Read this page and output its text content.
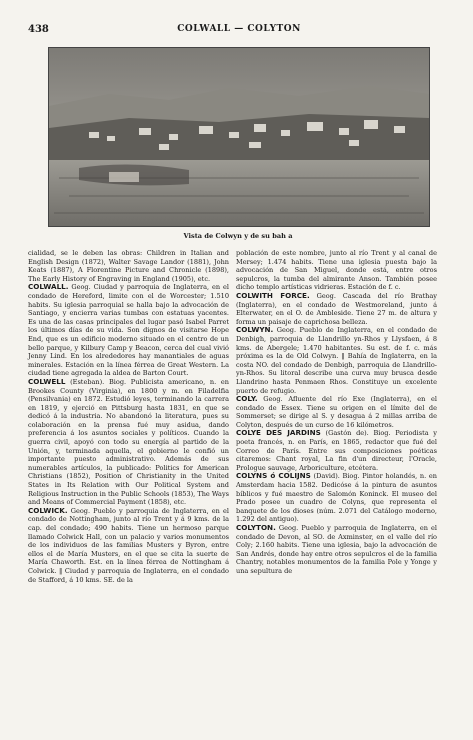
438	COLWALL — COLYTON
Vista de Colwyn y de su bah a

cialidad, se le deben las obras: Children in Italian and English Design (1872), Walter Savage Landor (1881), John Keats (1887), A Florentine Picture and Chronicle (1898), The Early History of Engraving in England (1905), etc.

COLWALL. Geog. Ciudad y parroquia de Inglaterra, en el condado de Hereford, limite con el de Worcester; 1.510 habits. Su iglesia parroquial se halla bajo la advocación de Santiago, y encierra varias tumbas con estatuas yacentes. Es una de las casas principales del lugar pasó Isabel Parret los últimos días de su vida. Son dignos de visitarse Hope End, que es un edificio moderno situado en el centro de un bello parque, y Kilbury Camp y Beacon, cerca del cual vivió Jenny Lind. En los alrededores hay manantiales de aguas minerales. Estación en la línea férrea de Great Western. La ciudad tiene agregada la aldea de Barton Court.

COLWELL (Esteban). Biog. Publicista americano, n. en Brookes County (Virginia), en 1800 y m. en Filadelfia (Pensilvania) en 1872. Estudió leyes, terminando la carrera en 1819, y ejerció en Pittsburg hasta 1831, en que se dedicó á la industria. No abandonó la literatura, pues su colaboración en la prensa fué muy asidua, dando preferencia á los asuntos sociales y políticos. Cuando la guerra civil, apoyó con todo su energía al partido de la Unión, y, terminada aquella, el gobierno le confió un importante puesto administrativo. Además de sus numerables artículos, la publicado: Politics for American Christians (1852), Position of Christianity in the United States in Its Relation with Our Political System and Religious Instruction in the Public Schools (1853), The Ways and Means of Commercial Payment (1858), etc.

COLWICK. Geog. Pueblo y parroquia de Inglaterra, en el condado de Nottingham, junto al río Trent y á 9 kms. de la cap. del condado; 490 habits. Tiene un hermoso parque llamado Colwick Hall, con un palacio y varios monumentos de los individuos de las familias Musters y Byron, entre ellos el de María Musters, en el que se cita la suerte de María Chaworth. Est. en la línea férrea de Nottingham á Colwick. ‖ Ciudad y parroquia de Inglaterra, en el condado de Stafford, á 10 kms. SE. de la

población de este nombre, junto al río Trent y al canal de Mersey; 1.474 habits. Tiene una iglesia puesta bajo la advocación de San Miguel, donde está, entre otros sepulcros, la tumba del almirante Anson. También posee dicho templo artísticas vidrieras. Estación de f. c.

COLWITH FORCE. Geog. Cascada del río Brathay (Inglaterra), en el condado de Westmoreland, junto á Elterwater, en el O. de Ambleside. Tiene 27 m. de altura y forma un paisaje de caprichosa belleza.

COLWYN. Geog. Pueblo de Inglaterra, en el condado de Denbigh, parroquia de Llandrillo yn-Rhos y Llysfaen, á 8 kms. de Abergele; 1.470 habitantes. Su est. de f. c. más próxima es la de Old Colwyn. ‖ Bahía de Inglaterra, en la costa NO. del condado de Denbigh, parroquia de Llandrillo-yn-Rhos. Su litoral describe una curva muy brusca desde Llandrino hasta Penmaen Rhos. Constituye un excelente puerto de refugio.

COLY. Geog. Afluente del río Exe (Inglaterra), en el condado de Essex. Tiene su origen en el límite del de Sommerset; se dirige al S. y desagua á 2 millas arriba de Colyton, después de un curso de 16 kilómetros.

COLYE DES JARDINS (Gastón de). Biog. Periodista y poeta francés, n. en París, en 1865, redactor que fué del Correo de París. Entre sus composiciones poéticas citaremos: Chant royal, La fin d'un directeur, l'Oracle, Prologue sauvage, Arboriculture, etcétera.

COLYNS ó COLIJNS (David). Biog. Pintor holandés, n. en Amsterdam hacia 1582. Dedicóse á la pintura de asuntos bíblicos y fué maestro de Salomón Koninck. El museo del Prado posee un cuadro de Colyns, que representa el banquete de los dioses (núm. 2.071 del Catálogo moderno, 1.292 del antiguo).

COLYTON. Geog. Pueblo y parroquia de Inglaterra, en el condado de Devon, al SO. de Axminster, en el valle del río Coly; 2.160 habits. Tiene una iglesia, bajo la advocación de San Andrés, donde hay entre otros sepulcros el de la familia Chantry, notables monumentos de la familia Pole y Yonge y una sepultura de
